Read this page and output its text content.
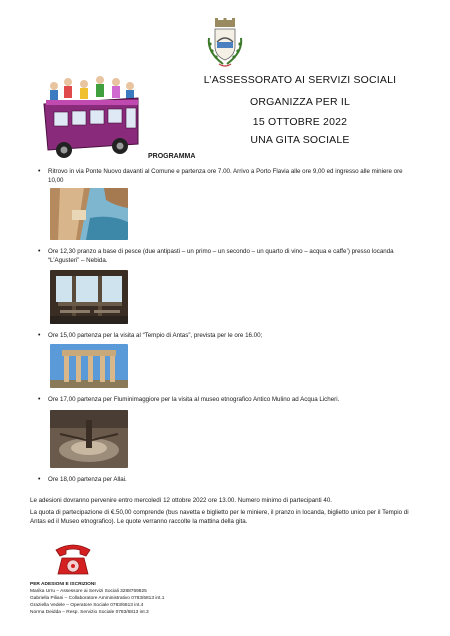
L’ASSESSORATO AI SERVIZI SOCIALI
ORGANIZZA PER IL
15 OTTOBRE 2022
UNA GITA SOCIALE
PROGRAMMA
• Ritrovo in via Ponte Nuovo davanti al Comune e partenza ore 7.00. Arrivo a Porto Flavia alle ore 9,00 ed ingresso alle miniere ore 10,00
• Ore 12,30 pranzo a base di pesce (due antipasti – un primo – un secondo – un quarto di vino – acqua e caffe’) presso locanda “L’Agusteri” – Nebida.
• Ore 15,00 partenza per la visita al “Tempio di Antas”, prevista per le ore 16.00;
• Ore 17,00 partenza per Fluminimaggiore per la visita al museo etnografico Antico Mulino ad Acqua Licheri.
• Ore 18,00 partenza per Allai.
Le adesioni dovranno pervenire entro mercoledì 12 ottobre 2022 ore 13.00. Numero minimo di partecipanti 40.
La quota di partecipazione di €.50,00 comprende (bus navetta e biglietto per le miniere, il pranzo in locanda, biglietto unico per il Tempio di Antas ed il Museo etnografico). Le quote verranno raccolte la mattina della gita.
PER ADESIONI E ISCRIZIONI
Marika Urru – Assessore ai Servizi Sociali 3288769825
Gabriella Piliani – Collaboratore Amministrativo 0783/6813 int.1
Graziella Vedele – Operatore Sociale 0783/6813 int.4
Norma Deidda – Resp. Servizio Sociale 0783/6813 int.3
